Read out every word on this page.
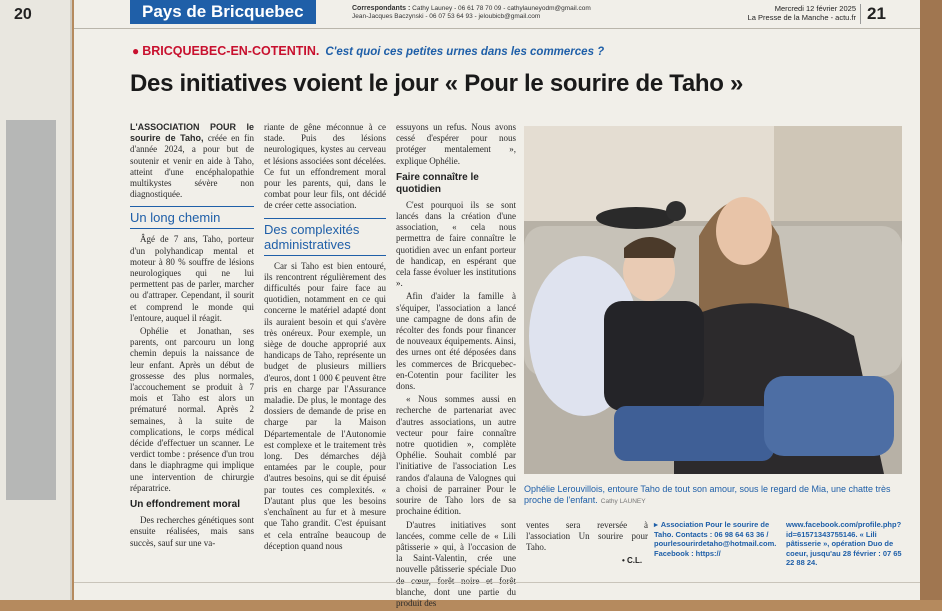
20	Pays de Bricquebec	Correspondants : Cathy Launey - 06 61 78 70 09 - cathylauneyodm@gmail.com
Jean-Jacques Baczynski - 06 07 53 64 93 - jeloubicb@gmail.com
Mercredi 12 février 2025
La Presse de la Manche - actu.fr 21
● BRICQUEBEC-EN-COTENTIN. C'est quoi ces petites urnes dans les commerces ?
Des initiatives voient le jour « Pour le sourire de Taho »

L'ASSOCIATION POUR le sourire de Taho, créée en fin d'année 2024, a pour but de soutenir et venir en aide à Taho, atteint d'une encéphalopathie multikystes sévère non diagnostiquée.

Un long chemin

Âgé de 7 ans, Taho, porteur d'un polyhandicap mental et moteur à 80 % souffre de lésions neurologiques qui ne lui permettent pas de parler, marcher ou d'attraper. Cependant, il sourit et comprend le monde qui l'entoure, auquel il réagit.

Ophélie et Jonathan, ses parents, ont parcouru un long chemin depuis la naissance de leur enfant. Après un début de grossesse des plus normales, l'accouchement se produit à 7 mois et Taho est alors un prématuré normal. Après 2 semaines, à la suite de complications, le corps médical décide d'effectuer un scanner. Le verdict tombe : présence d'un trou dans le diaphragme qui implique une intervention de chirurgie réparatrice.

Un effondrement moral

Des recherches génétiques sont ensuite réalisées, mais sans succès, sauf sur une va-

riante de gêne méconnue à ce stade. Puis des lésions neurologiques, kystes au cerveau et lésions associées sont décelées. Ce fut un effondrement moral pour les parents, qui, dans le combat pour leur fils, ont décidé de créer cette association.

Des complexités administratives

Car si Taho est bien entouré, ils rencontrent régulièrement des difficultés pour faire face au quotidien, notamment en ce qui concerne le matériel adapté dont ils auraient besoin et qui s'avère très onéreux. Pour exemple, un siège de douche approprié aux handicaps de Taho, représente un budget de plusieurs milliers d'euros, dont 1 000 € peuvent être pris en charge par l'Assurance maladie. De plus, le montage des dossiers de demande de prise en charge par la Maison Départementale de l'Autonomie est complexe et le traitement très long. Des démarches déjà entamées par le couple, pour d'autres besoins, qui se dit épuisé par toutes ces complexités. « D'autant plus que les besoins s'enchaînent au fur et à mesure que Taho grandit. C'est épuisant et cela entraîne beaucoup de déception quand nous

essuyons un refus. Nous avons cessé d'espérer pour nous protéger mentalement », explique Ophélie.

Faire connaître le quotidien

C'est pourquoi ils se sont lancés dans la création d'une association, « cela nous permettra de faire connaître le quotidien avec un enfant porteur de handicap, en espérant que cela fasse évoluer les institutions ».

Afin d'aider la famille à s'équiper, l'association a lancé une campagne de dons afin de récolter des fonds pour financer de nouveaux équipements. Ainsi, des urnes ont été déposées dans les commerces de Bricquebec-en-Cotentin pour faciliter les dons.

« Nous sommes aussi en recherche de partenariat avec d'autres associations, un autre vecteur pour faire connaître notre quotidien », complète Ophélie. Souhait comblé par l'initiative de l'association Les randos d'alauna de Valognes qui a choisi de parrainer Pour le sourire de Taho lors de sa prochaine édition.

D'autres initiatives sont lancées, comme celle de « Lili pâtisserie » qui, à l'occasion de la Saint-Valentin, crée une nouvelle pâtisserie spéciale Duo de cœur, forêt noire et forêt blanche, dont une partie du produit des

Ophélie Lerouvillois, entoure Taho de tout son amour, sous le regard de Mia, une chatte très proche de l'enfant. Cathy LAUNEY

ventes sera reversée à l'association Un sourire pour Taho.

• C.L.
▸ Association Pour le sourire de Taho. Contacts : 06 98 64 63 36 / pourlesourirdetaho@hotmail.com. Facebook : https://
www.facebook.com/profile.php?id=61571343755146. « Lili pâtisserie », opération Duo de coeur, jusqu'au 28 février : 07 65 22 88 24.
